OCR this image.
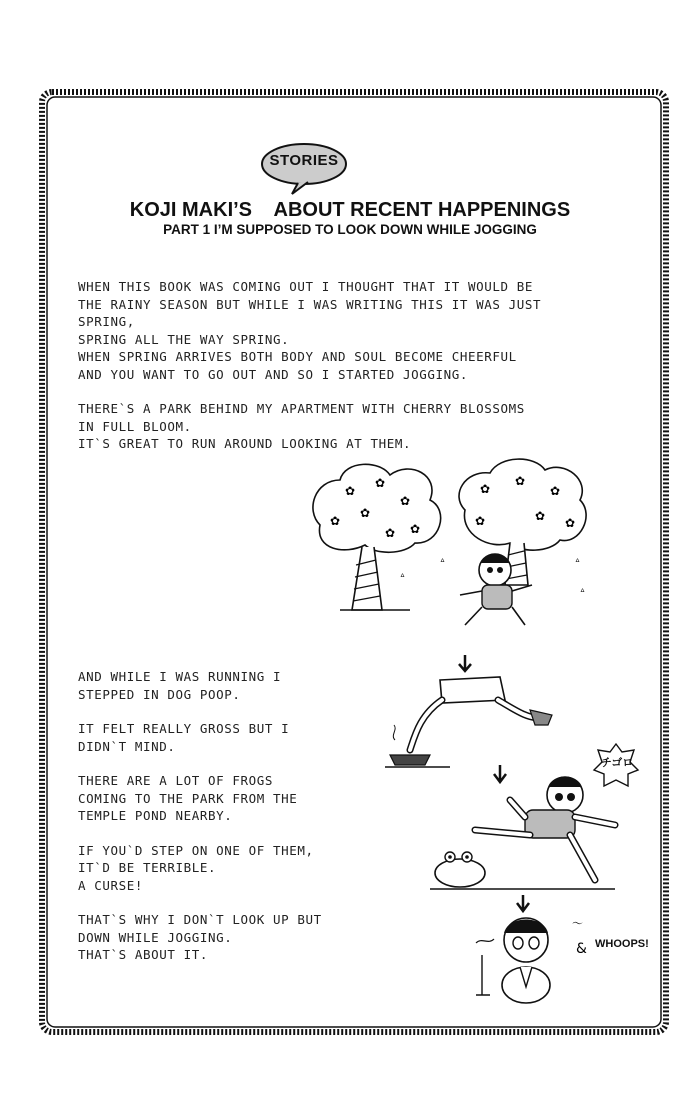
STORIES
KOJI MAKI’S    ABOUT RECENT HAPPENINGS
PART 1 I’M SUPPOSED TO LOOK DOWN WHILE JOGGING
WHEN THIS BOOK WAS COMING OUT I THOUGHT THAT IT WOULD BE
THE RAINY SEASON BUT WHILE I WAS WRITING THIS IT WAS JUST
SPRING,
SPRING ALL THE WAY SPRING.
WHEN SPRING ARRIVES BOTH BODY AND SOUL BECOME CHEERFUL
AND YOU WANT TO GO OUT AND SO I STARTED JOGGING.
THERE`S A PARK BEHIND MY APARTMENT WITH CHERRY BLOSSOMS
IN FULL BLOOM.
IT`S GREAT TO RUN AROUND LOOKING AT THEM.
✿
✿
✿
✿
✿
✿
✿
✿
✿
✿
✿	✿ ✿
ᐞ
ᐞ	ᐞ
ᐞ
AND WHILE I WAS RUNNING I
STEPPED IN DOG POOP.
IT FELT REALLY GROSS BUT I
DIDN`T MIND.
THERE ARE A LOT OF FROGS
COMING TO THE PARK FROM THE
TEMPLE POND NEARBY.
IF YOU`D STEP ON ONE OF THEM,
IT`D BE TERRIBLE.
A CURSE!
THAT`S WHY I DON`T LOOK UP BUT
DOWN WHILE JOGGING.
THAT`S ABOUT IT.
チゴロ
〜
& WHOOPS!
